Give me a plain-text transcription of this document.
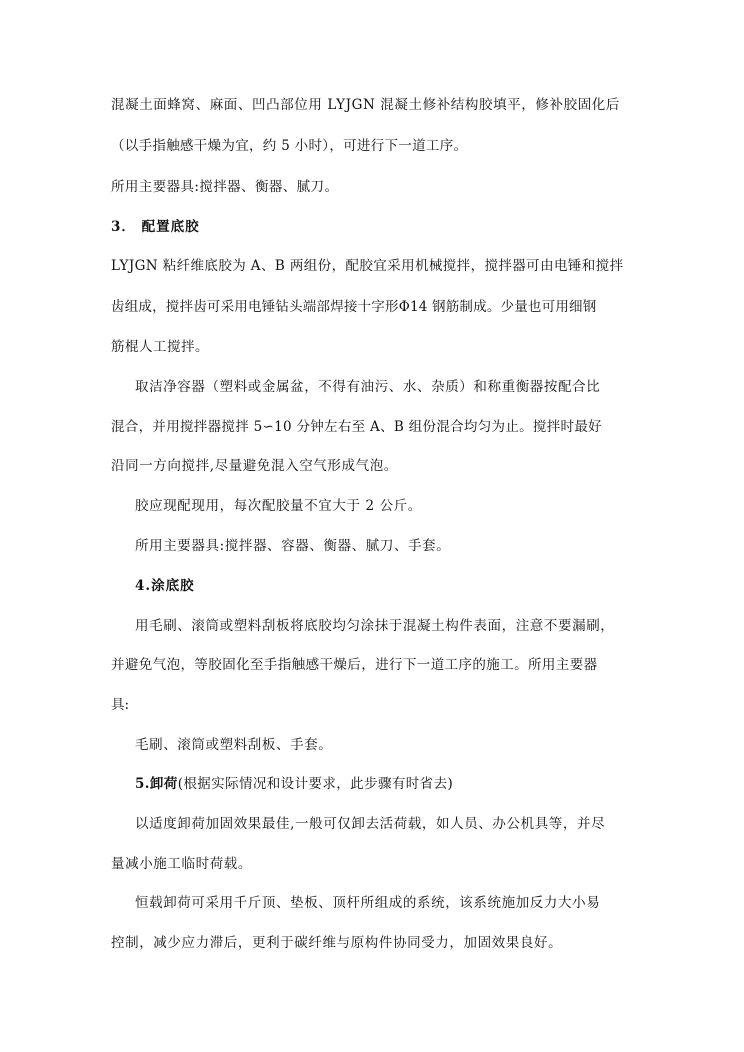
混凝土面蜂窝、麻面、凹凸部位用 LYJGN 混凝土修补结构胶填平，修补胶固化后
（以手指触感干燥为宜，约 5 小时），可进行下一道工序。
所用主要器具:搅拌器、衡器、腻刀。
3． 配置底胶
LYJGN 粘纤维底胶为 A、B 两组份，配胶宜采用机械搅拌，搅拌器可由电锤和搅拌
齿组成，搅拌齿可采用电锤钻头端部焊接十字形Φ14 钢筋制成。少量也可用细钢
筋棍人工搅拌。
取洁净容器（塑料或金属盆，不得有油污、水、杂质）和称重衡器按配合比
混合，并用搅拌器搅拌 5∽10 分钟左右至 A、B 组份混合均匀为止。搅拌时最好
沿同一方向搅拌,尽量避免混入空气形成气泡。
胶应现配现用，每次配胶量不宜大于 2 公斤。
所用主要器具:搅拌器、容器、衡器、腻刀、手套。
4.涂底胶
用毛刷、滚筒或塑料刮板将底胶均匀涂抹于混凝土构件表面，注意不要漏刷，
并避免气泡，等胶固化至手指触感干燥后，进行下一道工序的施工。所用主要器
具:
毛刷、滚筒或塑料刮板、手套。
5.卸荷(根据实际情况和设计要求，此步骤有时省去)
以适度卸荷加固效果最佳,一般可仅卸去活荷载，如人员、办公机具等，并尽
量减小施工临时荷载。
恒载卸荷可采用千斤顶、垫板、顶杆所组成的系统，该系统施加反力大小易
控制，减少应力滞后，更利于碳纤维与原构件协同受力，加固效果良好。
